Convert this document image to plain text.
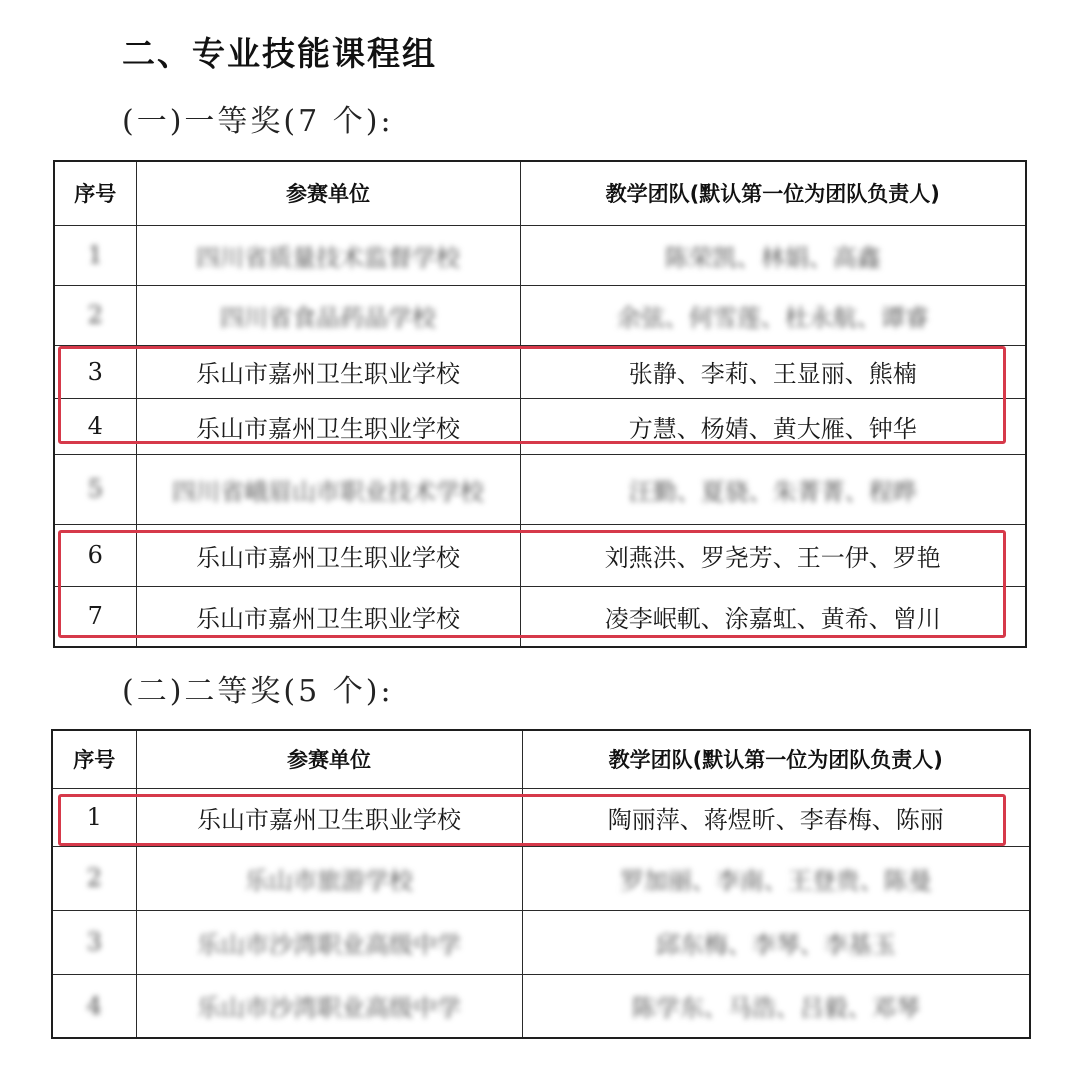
二、专业技能课程组
(一)一等奖(7 个):
序号	参赛单位	教学团队(默认第一位为团队负责人)
1	四川省质量技术监督学校	陈荣凯、林娟、高鑫
2	四川省食品药品学校	余弦、何雪莲、杜永航、谭睿
3	乐山市嘉州卫生职业学校	张静、李莉、王显丽、熊楠
4	乐山市嘉州卫生职业学校	方慧、杨婧、黄大雁、钟华
5	四川省峨眉山市职业技术学校	汪勤、夏骁、朱菁菁、程晔
6	乐山市嘉州卫生职业学校	刘燕洪、罗尧芳、王一伊、罗艳
7	乐山市嘉州卫生职业学校	凌李岷軏、涂嘉虹、黄希、曾川
(二)二等奖(5 个):
序号	参赛单位	教学团队(默认第一位为团队负责人)
1	乐山市嘉州卫生职业学校	陶丽萍、蒋煜昕、李春梅、陈丽
2	乐山市旅游学校	罗加丽、李南、王登贵、陈曼
3	乐山市沙湾职业高级中学	邱东梅、李琴、李基玉
4	乐山市沙湾职业高级中学	陈学东、马浩、吕毅、邓琴
